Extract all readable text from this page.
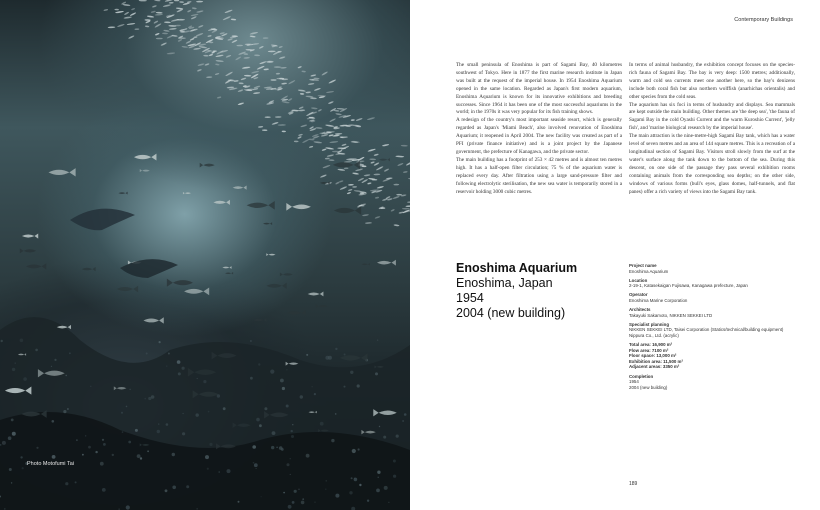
Photo Motofumi Tai
Contemporary Buildings

The small peninsula of Enoshima is part of Sagami Bay, 40 kilometres southwest of Tokyo. Here in 1877 the first marine research institute in Japan was built at the request of the imperial house. In 1954 Enoshima Aquarium opened in the same location. Regarded as Japan's first modern aquarium, Enoshima Aquarium is known for its innovative exhibitions and breeding successes. Since 1964 it has been one of the most successful aquariums in the world; in the 1970s it was very popular for its fish training shows.

A redesign of the country's most important seaside resort, which is generally regarded as Japan's 'Miami Beach', also involved renovation of Enoshima Aquarium; it reopened in April 2004. The new facility was created as part of a PFI (private finance initiative) and is a joint project by the Japanese government, the prefecture of Kanagawa, and the private sector.

The main building has a footprint of 253 × 42 metres and is almost ten metres high. It has a half-open filter circulation; 75 % of the aquarium water is replaced every day. After filtration using a large sand-pressure filter and following electrolytic sterilisation, the new sea water is temporarily stored in a reservoir holding 3000 cubic metres.

In terms of animal husbandry, the exhibition concept focuses on the species-rich fauna of Sagami Bay. The bay is very deep: 1500 metres; additionally, warm and cold sea currents meet one another here, so the bay's denizens include both coral fish but also northern wolffish (anarhichas orientalis) and other species from the cold seas.

The aquarium has six foci in terms of husbandry and displays. Sea mammals are kept outside the main building. Other themes are 'the deep sea', 'the fauna of Sagami Bay in the cold Oyashi Current and the warm Kuroshio Current', 'jelly fish', and 'marine biological research by the imperial house'.

The main attraction is the nine-metre-high Sagami Bay tank, which has a water level of seven metres and an area of 144 square metres. This is a recreation of a longitudinal section of Sagami Bay. Visitors stroll slowly from the surf at the water's surface along the tank down to the bottom of the sea. During this descent, on one side of the passage they pass several exhibition rooms containing animals from the corresponding sea depths; on the other side, windows of various forms (bull's eyes, glass domes, half-tunnels, and flat panes) offer a rich variety of views into the Sagami Bay tank.

Enoshima Aquarium
Enoshima, Japan
1954
2004 (new building)
Project name
Enoshima Aquarium
Location
2-19-1, Katasekaigan Fujisawa, Kanagawa prefecture, Japan
Operator
Enoshima Marine Corporation
Architects
Takayuki Sakamoto, NIKKEN SEKKEI LTD
Specialist planning
NIKKEN SEKKEI LTD, Taisei Corporation (Statics/technical/building equipment)
Nippura Co., Ltd. (acrylic)
Total area: 16,900 m²
Flow area: 7100 m²
Floor space: 13,000 m²
Exhibition area: 11,500 m²
Adjacent areas: 3350 m²
Completion
1954
2004 (new building)
189
